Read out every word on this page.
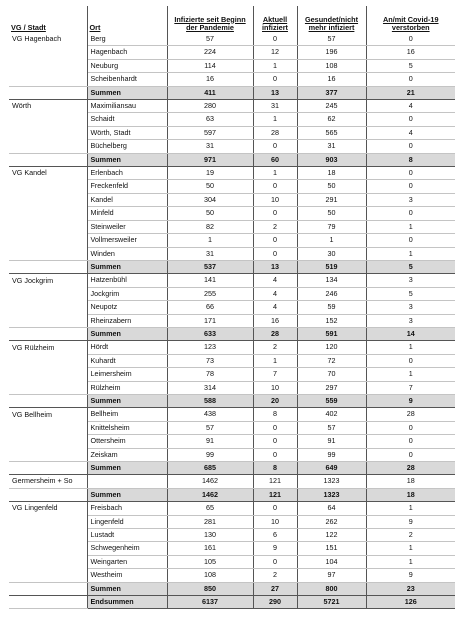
VG / Stadt	Ort	Infizierte seit Beginn der Pandemie	Aktuell infiziert	Gesundet/nicht mehr infiziert	An/mit Covid-19 verstorben
VG Hagenbach	Berg	57	0	57	0
	Hagenbach	224	12	196	16
	Neuburg	114	1	108	5
	Scheibenhardt	16	0	16	0
	Summen	411	13	377	21
Wörth	Maximiliansau	280	31	245	4
	Schaidt	63	1	62	0
	Wörth, Stadt	597	28	565	4
	Büchelberg	31	0	31	0
	Summen	971	60	903	8
VG Kandel	Erlenbach	19	1	18	0
	Freckenfeld	50	0	50	0
	Kandel	304	10	291	3
	Minfeld	50	0	50	0
	Steinweiler	82	2	79	1
	Vollmersweiler	1	0	1	0
	Winden	31	0	30	1
	Summen	537	13	519	5
VG Jockgrim	Hatzenbühl	141	4	134	3
	Jockgrim	255	4	246	5
	Neupotz	66	4	59	3
	Rheinzabern	171	16	152	3
	Summen	633	28	591	14
VG Rülzheim	Hördt	123	2	120	1
	Kuhardt	73	1	72	0
	Leimersheim	78	7	70	1
	Rülzheim	314	10	297	7
	Summen	588	20	559	9
VG Bellheim	Bellheim	438	8	402	28
	Knittelsheim	57	0	57	0
	Ottersheim	91	0	91	0
	Zeiskam	99	0	99	0
	Summen	685	8	649	28
Germersheim + So		1462	121	1323	18
	Summen	1462	121	1323	18
VG Lingenfeld	Freisbach	65	0	64	1
	Lingenfeld	281	10	262	9
	Lustadt	130	6	122	2
	Schwegenheim	161	9	151	1
	Weingarten	105	0	104	1
	Westheim	108	2	97	9
	Summen	850	27	800	23
	Endsummen	6137	290	5721	126
